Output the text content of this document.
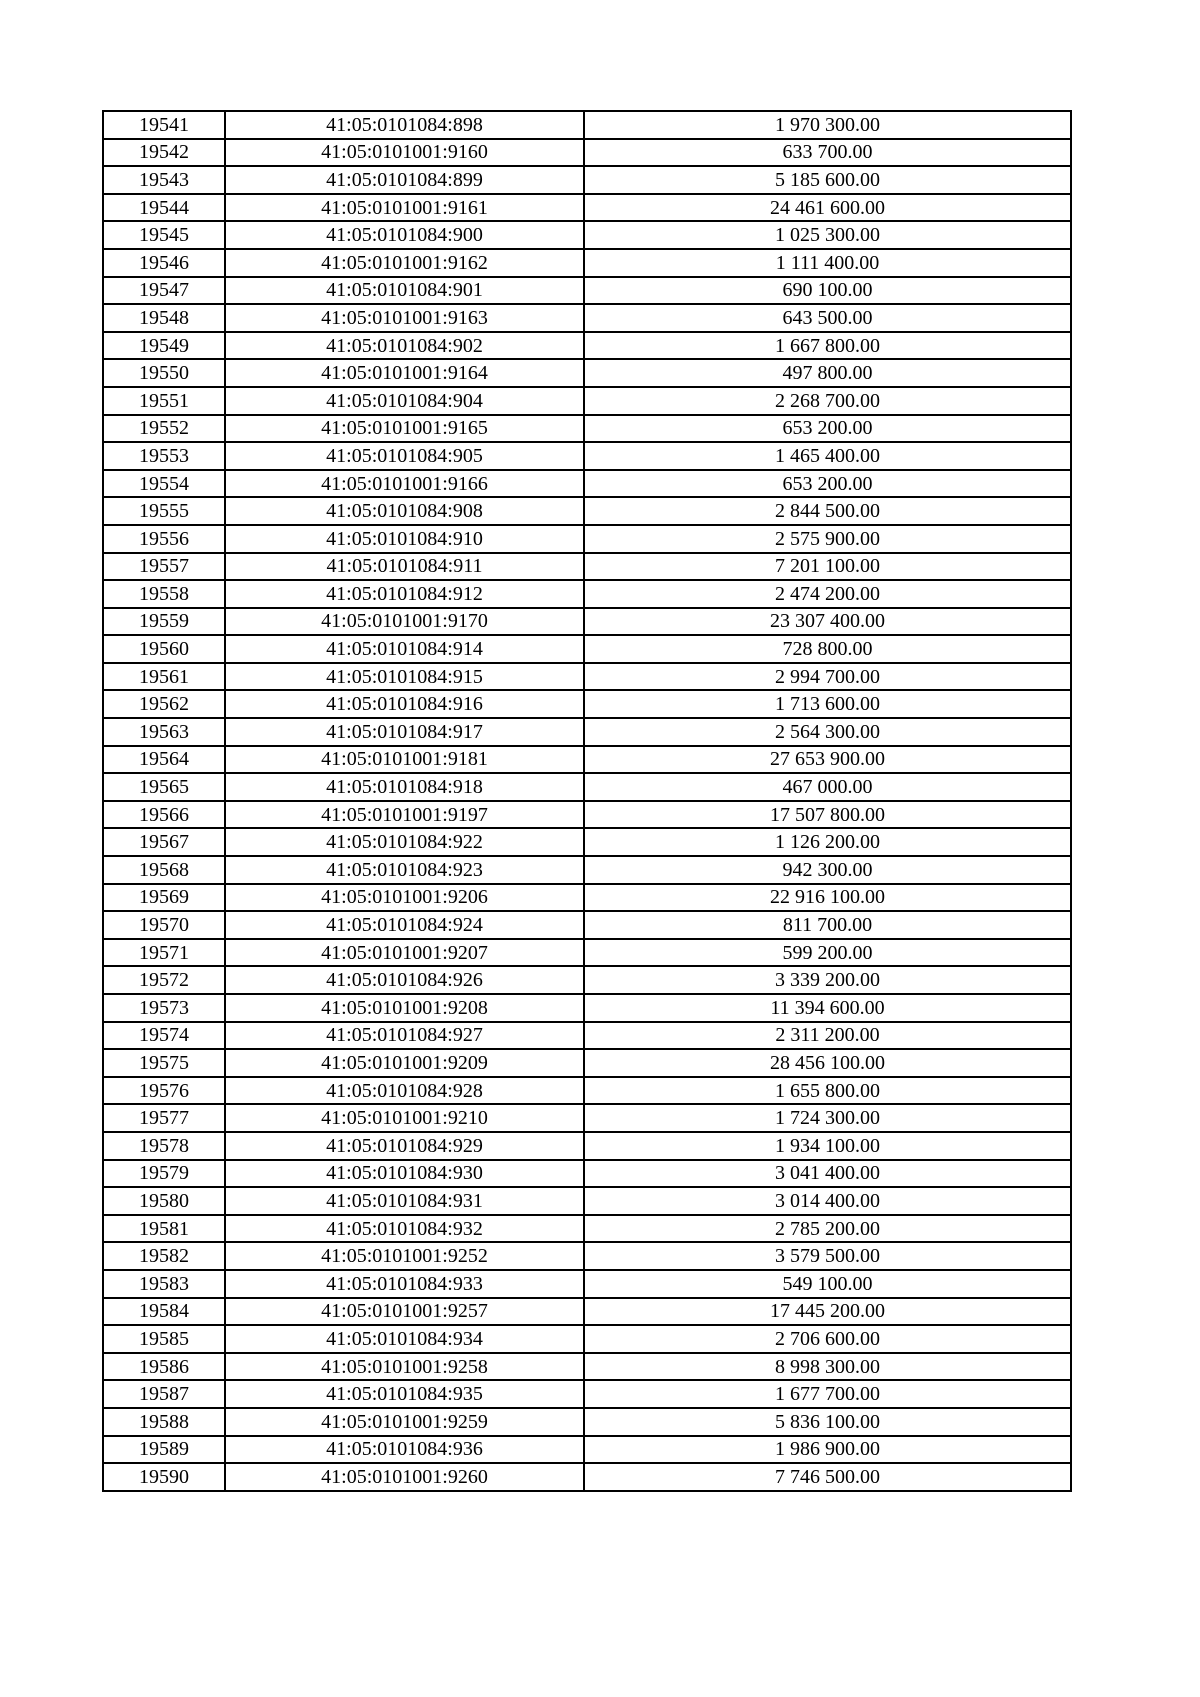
19541	41:05:0101084:898	1 970 300.00
19542	41:05:0101001:9160	633 700.00
19543	41:05:0101084:899	5 185 600.00
19544	41:05:0101001:9161	24 461 600.00
19545	41:05:0101084:900	1 025 300.00
19546	41:05:0101001:9162	1 111 400.00
19547	41:05:0101084:901	690 100.00
19548	41:05:0101001:9163	643 500.00
19549	41:05:0101084:902	1 667 800.00
19550	41:05:0101001:9164	497 800.00
19551	41:05:0101084:904	2 268 700.00
19552	41:05:0101001:9165	653 200.00
19553	41:05:0101084:905	1 465 400.00
19554	41:05:0101001:9166	653 200.00
19555	41:05:0101084:908	2 844 500.00
19556	41:05:0101084:910	2 575 900.00
19557	41:05:0101084:911	7 201 100.00
19558	41:05:0101084:912	2 474 200.00
19559	41:05:0101001:9170	23 307 400.00
19560	41:05:0101084:914	728 800.00
19561	41:05:0101084:915	2 994 700.00
19562	41:05:0101084:916	1 713 600.00
19563	41:05:0101084:917	2 564 300.00
19564	41:05:0101001:9181	27 653 900.00
19565	41:05:0101084:918	467 000.00
19566	41:05:0101001:9197	17 507 800.00
19567	41:05:0101084:922	1 126 200.00
19568	41:05:0101084:923	942 300.00
19569	41:05:0101001:9206	22 916 100.00
19570	41:05:0101084:924	811 700.00
19571	41:05:0101001:9207	599 200.00
19572	41:05:0101084:926	3 339 200.00
19573	41:05:0101001:9208	11 394 600.00
19574	41:05:0101084:927	2 311 200.00
19575	41:05:0101001:9209	28 456 100.00
19576	41:05:0101084:928	1 655 800.00
19577	41:05:0101001:9210	1 724 300.00
19578	41:05:0101084:929	1 934 100.00
19579	41:05:0101084:930	3 041 400.00
19580	41:05:0101084:931	3 014 400.00
19581	41:05:0101084:932	2 785 200.00
19582	41:05:0101001:9252	3 579 500.00
19583	41:05:0101084:933	549 100.00
19584	41:05:0101001:9257	17 445 200.00
19585	41:05:0101084:934	2 706 600.00
19586	41:05:0101001:9258	8 998 300.00
19587	41:05:0101084:935	1 677 700.00
19588	41:05:0101001:9259	5 836 100.00
19589	41:05:0101084:936	1 986 900.00
19590	41:05:0101001:9260	7 746 500.00
